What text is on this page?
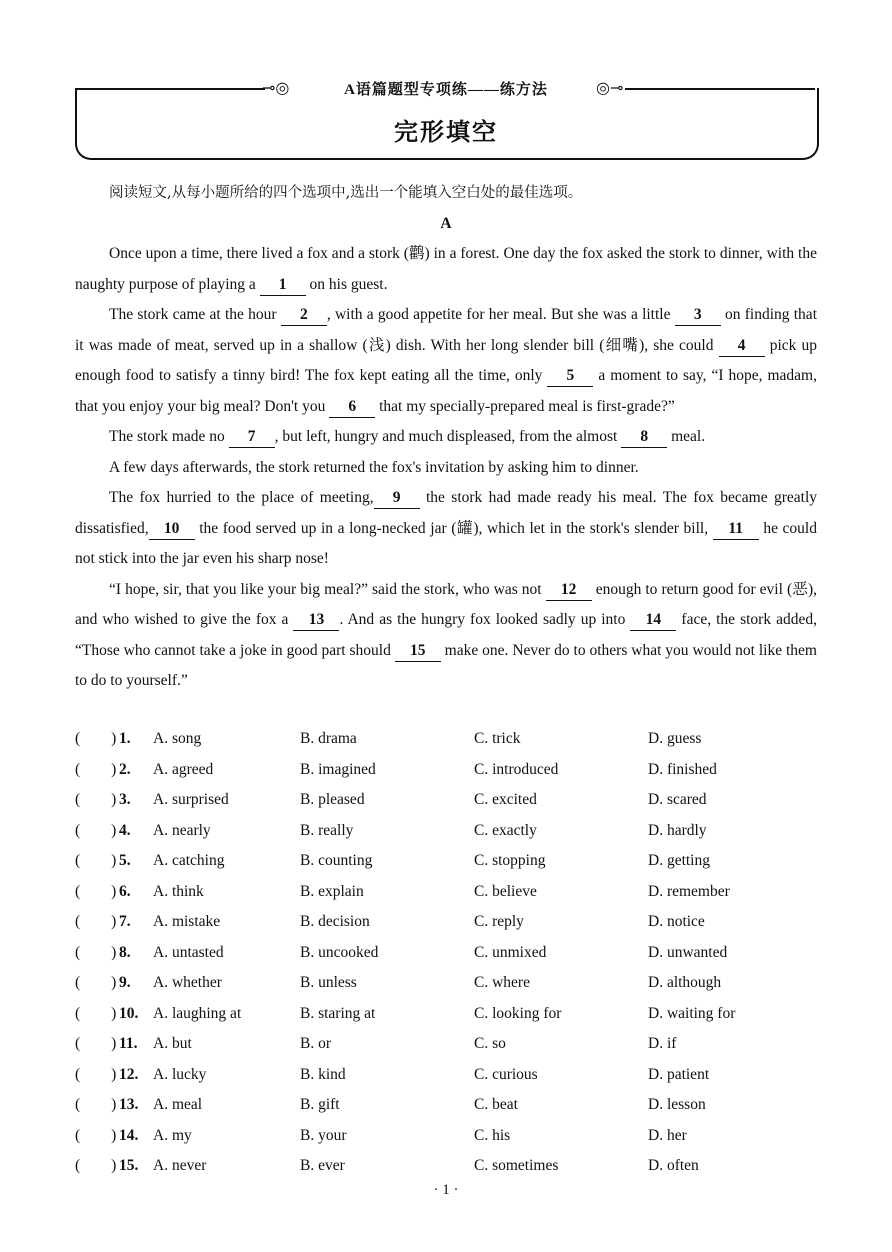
⊸◎	A语篇题型专项练——练方法	◎⊸
完形填空

阅读短文,从每小题所给的四个选项中,选出一个能填入空白处的最佳选项。

A

Once upon a time, there lived a fox and a stork (鹳) in a forest. One day the fox asked the stork to dinner, with the naughty purpose of playing a 1 on his guest.

The stork came at the hour 2 , with a good appetite for her meal. But she was a little 3 on finding that it was made of meat, served up in a shallow (浅) dish. With her long slender bill (细嘴), she could 4 pick up enough food to satisfy a tinny bird! The fox kept eating all the time, only 5 a moment to say, “I hope, madam, that you enjoy your big meal? Don't you 6 that my specially-prepared meal is first-grade?”

The stork made no 7 , but left, hungry and much displeased, from the almost 8 meal.

A few days afterwards, the stork returned the fox's invitation by asking him to dinner.

The fox hurried to the place of meeting, 9 the stork had made ready his meal. The fox became greatly dissatisfied, 10 the food served up in a long-necked jar (罐), which let in the stork's slender bill, 11 he could not stick into the jar even his sharp nose!

“I hope, sir, that you like your big meal?” said the stork, who was not 12 enough to return good for evil (恶), and who wished to give the fox a 13 . And as the hungry fox looked sadly up into 14 face, the stork added, “Those who cannot take a joke in good part should 15 make one. Never do to others what you would not like them to do to yourself.”

(　　) 1. A. song	B. drama	C. trick	D. guess
(　　) 2. A. agreed	B. imagined	C. introduced	D. finished
(　　) 3. A. surprised	B. pleased	C. excited	D. scared
(　　) 4. A. nearly	B. really	C. exactly	D. hardly
(　　) 5. A. catching	B. counting	C. stopping	D. getting
(　　) 6. A. think	B. explain	C. believe	D. remember
(　　) 7. A. mistake	B. decision	C. reply	D. notice
(　　) 8. A. untasted	B. uncooked	C. unmixed	D. unwanted
(　　) 9. A. whether	B. unless	C. where	D. although
(　　) 10. A. laughing at	B. staring at	C. looking for	D. waiting for
(　　) 11. A. but	B. or	C. so	D. if
(　　) 12. A. lucky	B. kind	C. curious	D. patient
(　　) 13. A. meal	B. gift	C. beat	D. lesson
(　　) 14. A. my	B. your	C. his	D. her
(　　) 15. A. never	B. ever	C. sometimes	D. often
· 1 ·
